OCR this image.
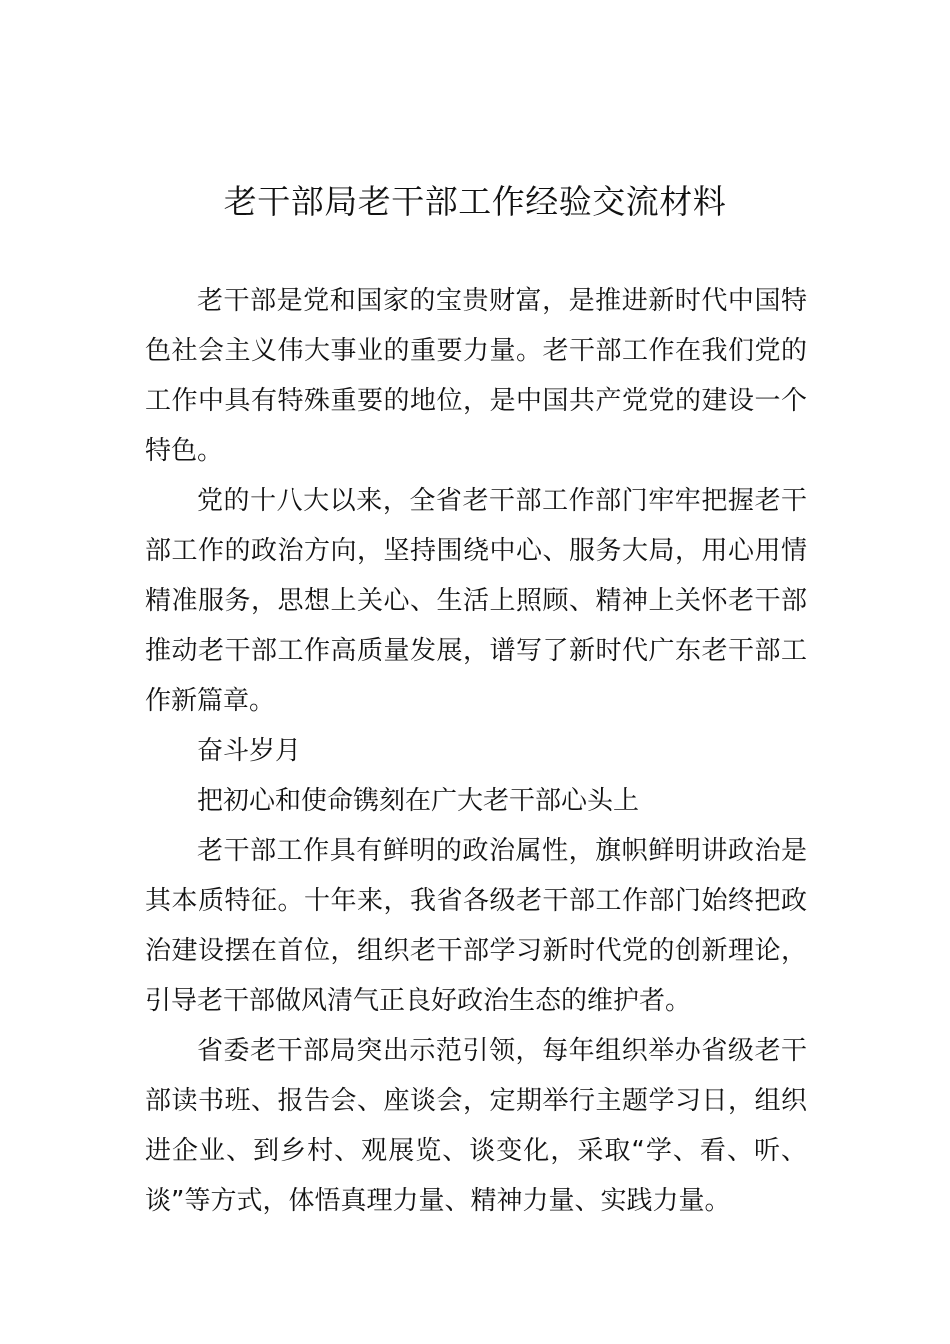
老干部局老干部工作经验交流材料

老干部是党和国家的宝贵财富，是推进新时代中国特色社会主义伟大事业的重要力量。老干部工作在我们党的工作中具有特殊重要的地位，是中国共产党党的建设一个特色。

党的十八大以来，全省老干部工作部门牢牢把握老干部工作的政治方向，坚持围绕中心、服务大局，用心用情精准服务，思想上关心、生活上照顾、精神上关怀老干部推动老干部工作高质量发展，谱写了新时代广东老干部工作新篇章。

奋斗岁月

把初心和使命镌刻在广大老干部心头上

老干部工作具有鲜明的政治属性，旗帜鲜明讲政治是其本质特征。十年来，我省各级老干部工作部门始终把政治建设摆在首位，组织老干部学习新时代党的创新理论，引导老干部做风清气正良好政治生态的维护者。

省委老干部局突出示范引领，每年组织举办省级老干部读书班、报告会、座谈会，定期举行主题学习日，组织进企业、到乡村、观展览、谈变化，采取“学、看、听、谈”等方式，体悟真理力量、精神力量、实践力量。
